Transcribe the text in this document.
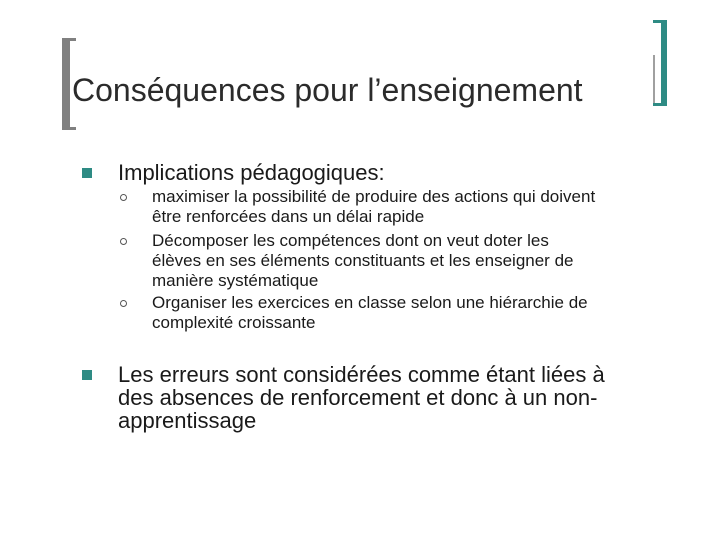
Conséquences pour l’enseignement
Implications pédagogiques:
maximiser la possibilité de produire des actions qui doivent
être renforcées dans un délai rapide
Décomposer les compétences dont on veut doter les
élèves en ses éléments constituants et les enseigner de
manière systématique
Organiser les exercices en classe selon une hiérarchie de
complexité croissante
Les erreurs sont considérées comme étant liées à
des absences de renforcement et donc à un non-
apprentissage
